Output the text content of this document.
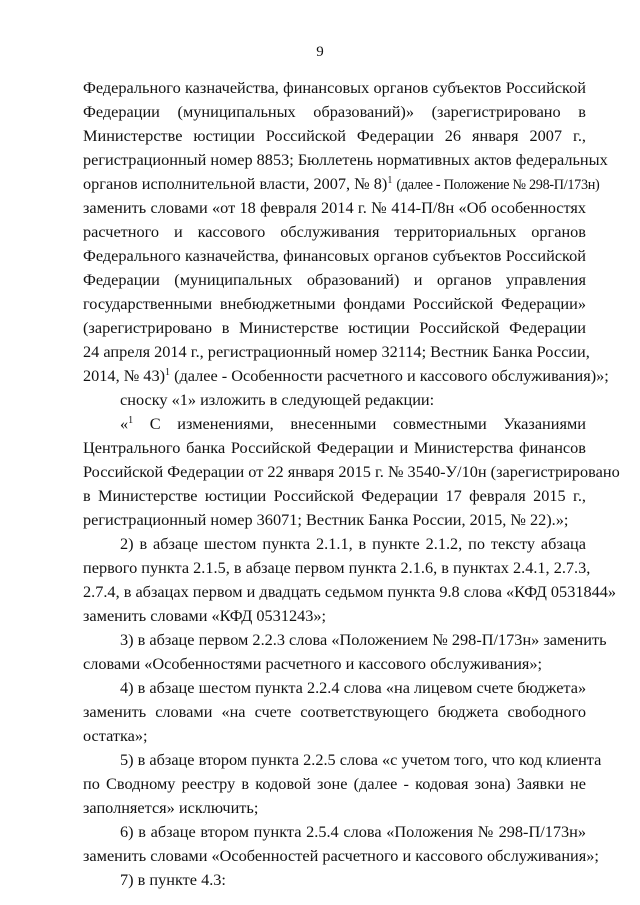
9
Федерального казначейства, финансовых органов субъектов Российской
Федерации (муниципальных образований)» (зарегистрировано в
Министерстве юстиции Российской Федерации 26 января 2007 г.,
регистрационный номер 8853; Бюллетень нормативных актов федеральных
органов исполнительной власти, 2007, № 8)$^1$ (далее - Положение № 298-П/173н)
заменить словами «от 18 февраля 2014 г. № 414-П/8н «Об особенностях
расчетного и кассового обслуживания территориальных органов
Федерального казначейства, финансовых органов субъектов Российской
Федерации (муниципальных образований) и органов управления
государственными внебюджетными фондами Российской Федерации»
(зарегистрировано в Министерстве юстиции Российской Федерации
24 апреля 2014 г., регистрационный номер 32114; Вестник Банка России,
2014, № 43)$^1$ (далее - Особенности расчетного и кассового обслуживания)»;
сноску «1» изложить в следующей редакции:
«$^1$ С изменениями, внесенными совместными Указаниями
Центрального банка Российской Федерации и Министерства финансов
Российской Федерации от 22 января 2015 г. № 3540-У/10н (зарегистрировано
в Министерстве юстиции Российской Федерации 17 февраля 2015 г.,
регистрационный номер 36071; Вестник Банка России, 2015, № 22).»;
2) в абзаце шестом пункта 2.1.1, в пункте 2.1.2, по тексту абзаца
первого пункта 2.1.5, в абзаце первом пункта 2.1.6, в пунктах 2.4.1, 2.7.3,
2.7.4, в абзацах первом и двадцать седьмом пункта 9.8 слова «КФД 0531844»
заменить словами «КФД 0531243»;
3) в абзаце первом 2.2.3 слова «Положением № 298-П/173н» заменить
словами «Особенностями расчетного и кассового обслуживания»;
4) в абзаце шестом пункта 2.2.4 слова «на лицевом счете бюджета»
заменить словами «на счете соответствующего бюджета свободного
остатка»;
5) в абзаце втором пункта 2.2.5 слова «с учетом того, что код клиента
по Сводному реестру в кодовой зоне (далее - кодовая зона) Заявки не
заполняется» исключить;
6) в абзаце втором пункта 2.5.4 слова «Положения № 298-П/173н»
заменить словами «Особенностей расчетного и кассового обслуживания»;
7) в пункте 4.3:
